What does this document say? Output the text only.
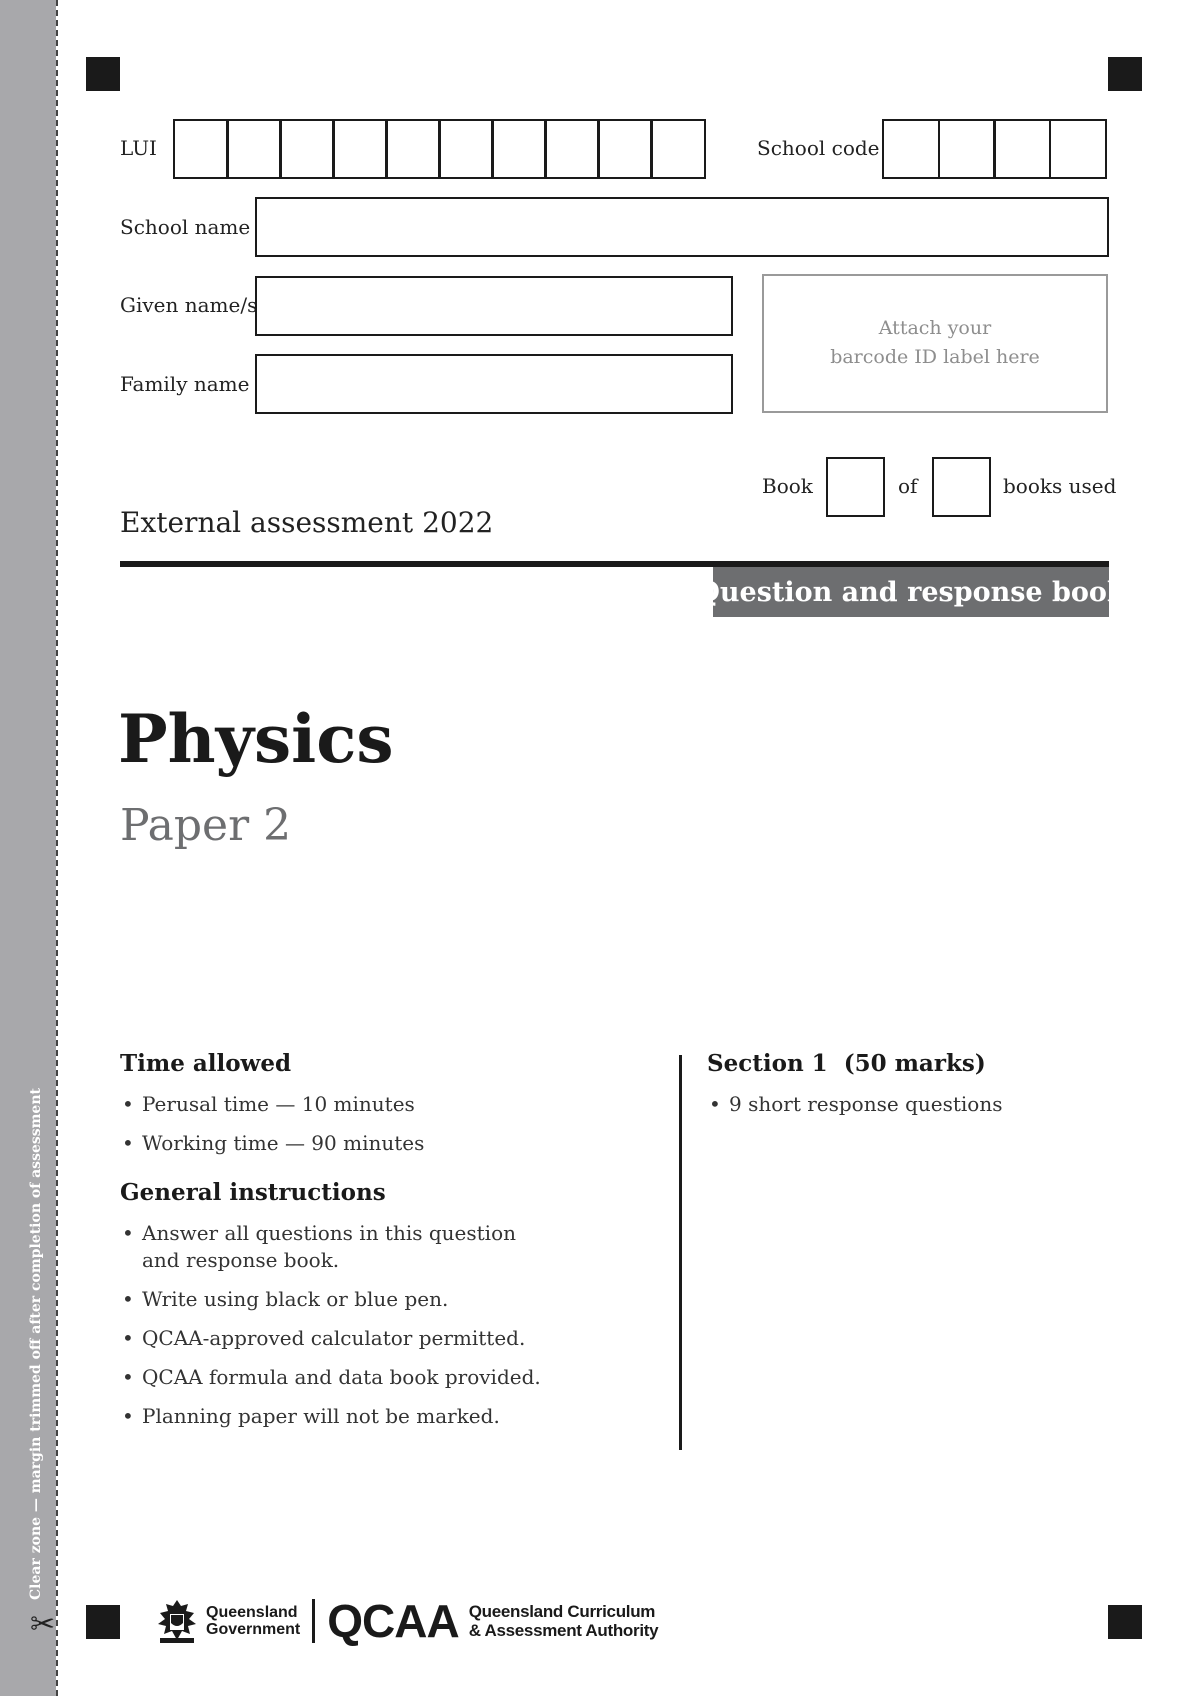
Clear zone — margin trimmed off after completion of assessment
✂
LUI	School code
School name
Given name/s
Family name
Attach your
barcode ID label here
Book	of	books used
External assessment 2022
Question and response book
Physics
Paper 2
Time allowed
• Perusal time — 10 minutes
• Working time — 90 minutes
General instructions
• Answer all questions in this question and response book.
• Write using black or blue pen.
• QCAA-approved calculator permitted.
• QCAA formula and data book provided.
• Planning paper will not be marked.
Section 1  (50 marks)
• 9 short response questions
Queensland
Government QCAA Queensland Curriculum
& Assessment Authority
